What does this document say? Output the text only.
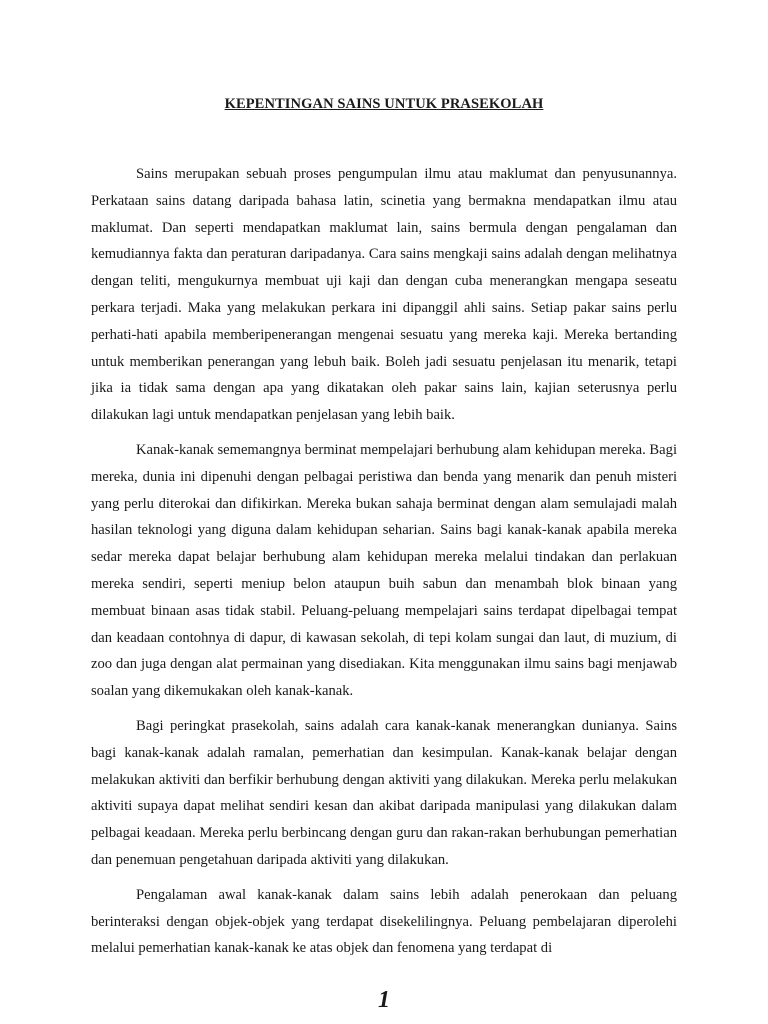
KEPENTINGAN SAINS UNTUK PRASEKOLAH

Sains merupakan sebuah proses pengumpulan ilmu atau maklumat dan penyusunannya. Perkataan sains datang daripada bahasa latin, scinetia yang bermakna mendapatkan ilmu atau maklumat. Dan seperti mendapatkan maklumat lain, sains bermula dengan pengalaman dan kemudiannya fakta dan peraturan daripadanya. Cara sains mengkaji sains adalah dengan melihatnya dengan teliti, mengukurnya membuat uji kaji dan dengan cuba menerangkan mengapa seseatu perkara terjadi. Maka yang melakukan perkara ini dipanggil ahli sains. Setiap pakar sains perlu perhati-hati apabila memberipenerangan mengenai sesuatu yang mereka kaji. Mereka bertanding untuk memberikan penerangan yang lebuh baik. Boleh jadi sesuatu penjelasan itu menarik, tetapi jika ia tidak sama dengan apa yang dikatakan oleh pakar sains lain, kajian seterusnya perlu dilakukan lagi untuk mendapatkan penjelasan yang lebih baik.

Kanak-kanak sememangnya berminat mempelajari berhubung alam kehidupan mereka. Bagi mereka, dunia ini dipenuhi dengan pelbagai peristiwa dan benda yang menarik dan penuh misteri yang perlu diterokai dan difikirkan. Mereka bukan sahaja berminat dengan alam semulajadi malah hasilan teknologi yang diguna dalam kehidupan seharian. Sains bagi kanak-kanak apabila mereka sedar mereka dapat belajar berhubung alam kehidupan mereka melalui tindakan dan perlakuan mereka sendiri, seperti meniup belon ataupun buih sabun dan menambah blok binaan yang membuat binaan asas tidak stabil. Peluang-peluang mempelajari sains terdapat dipelbagai tempat dan keadaan contohnya di dapur, di kawasan sekolah, di tepi kolam sungai dan laut, di muzium, di zoo dan juga dengan alat permainan yang disediakan. Kita menggunakan ilmu sains bagi menjawab soalan yang dikemukakan oleh kanak-kanak.

Bagi peringkat prasekolah, sains adalah cara kanak-kanak menerangkan dunianya. Sains bagi kanak-kanak adalah ramalan, pemerhatian dan kesimpulan. Kanak-kanak belajar dengan melakukan aktiviti dan berfikir berhubung dengan aktiviti yang dilakukan. Mereka perlu melakukan aktiviti supaya dapat melihat sendiri kesan dan akibat daripada manipulasi yang dilakukan dalam pelbagai keadaan. Mereka perlu berbincang dengan guru dan rakan-rakan berhubungan pemerhatian dan penemuan pengetahuan daripada aktiviti yang dilakukan.

Pengalaman awal kanak-kanak dalam sains lebih adalah penerokaan dan peluang berinteraksi dengan objek-objek yang terdapat disekelilingnya. Peluang pembelajaran diperolehi melalui pemerhatian kanak-kanak ke atas objek dan fenomena yang terdapat di

1
